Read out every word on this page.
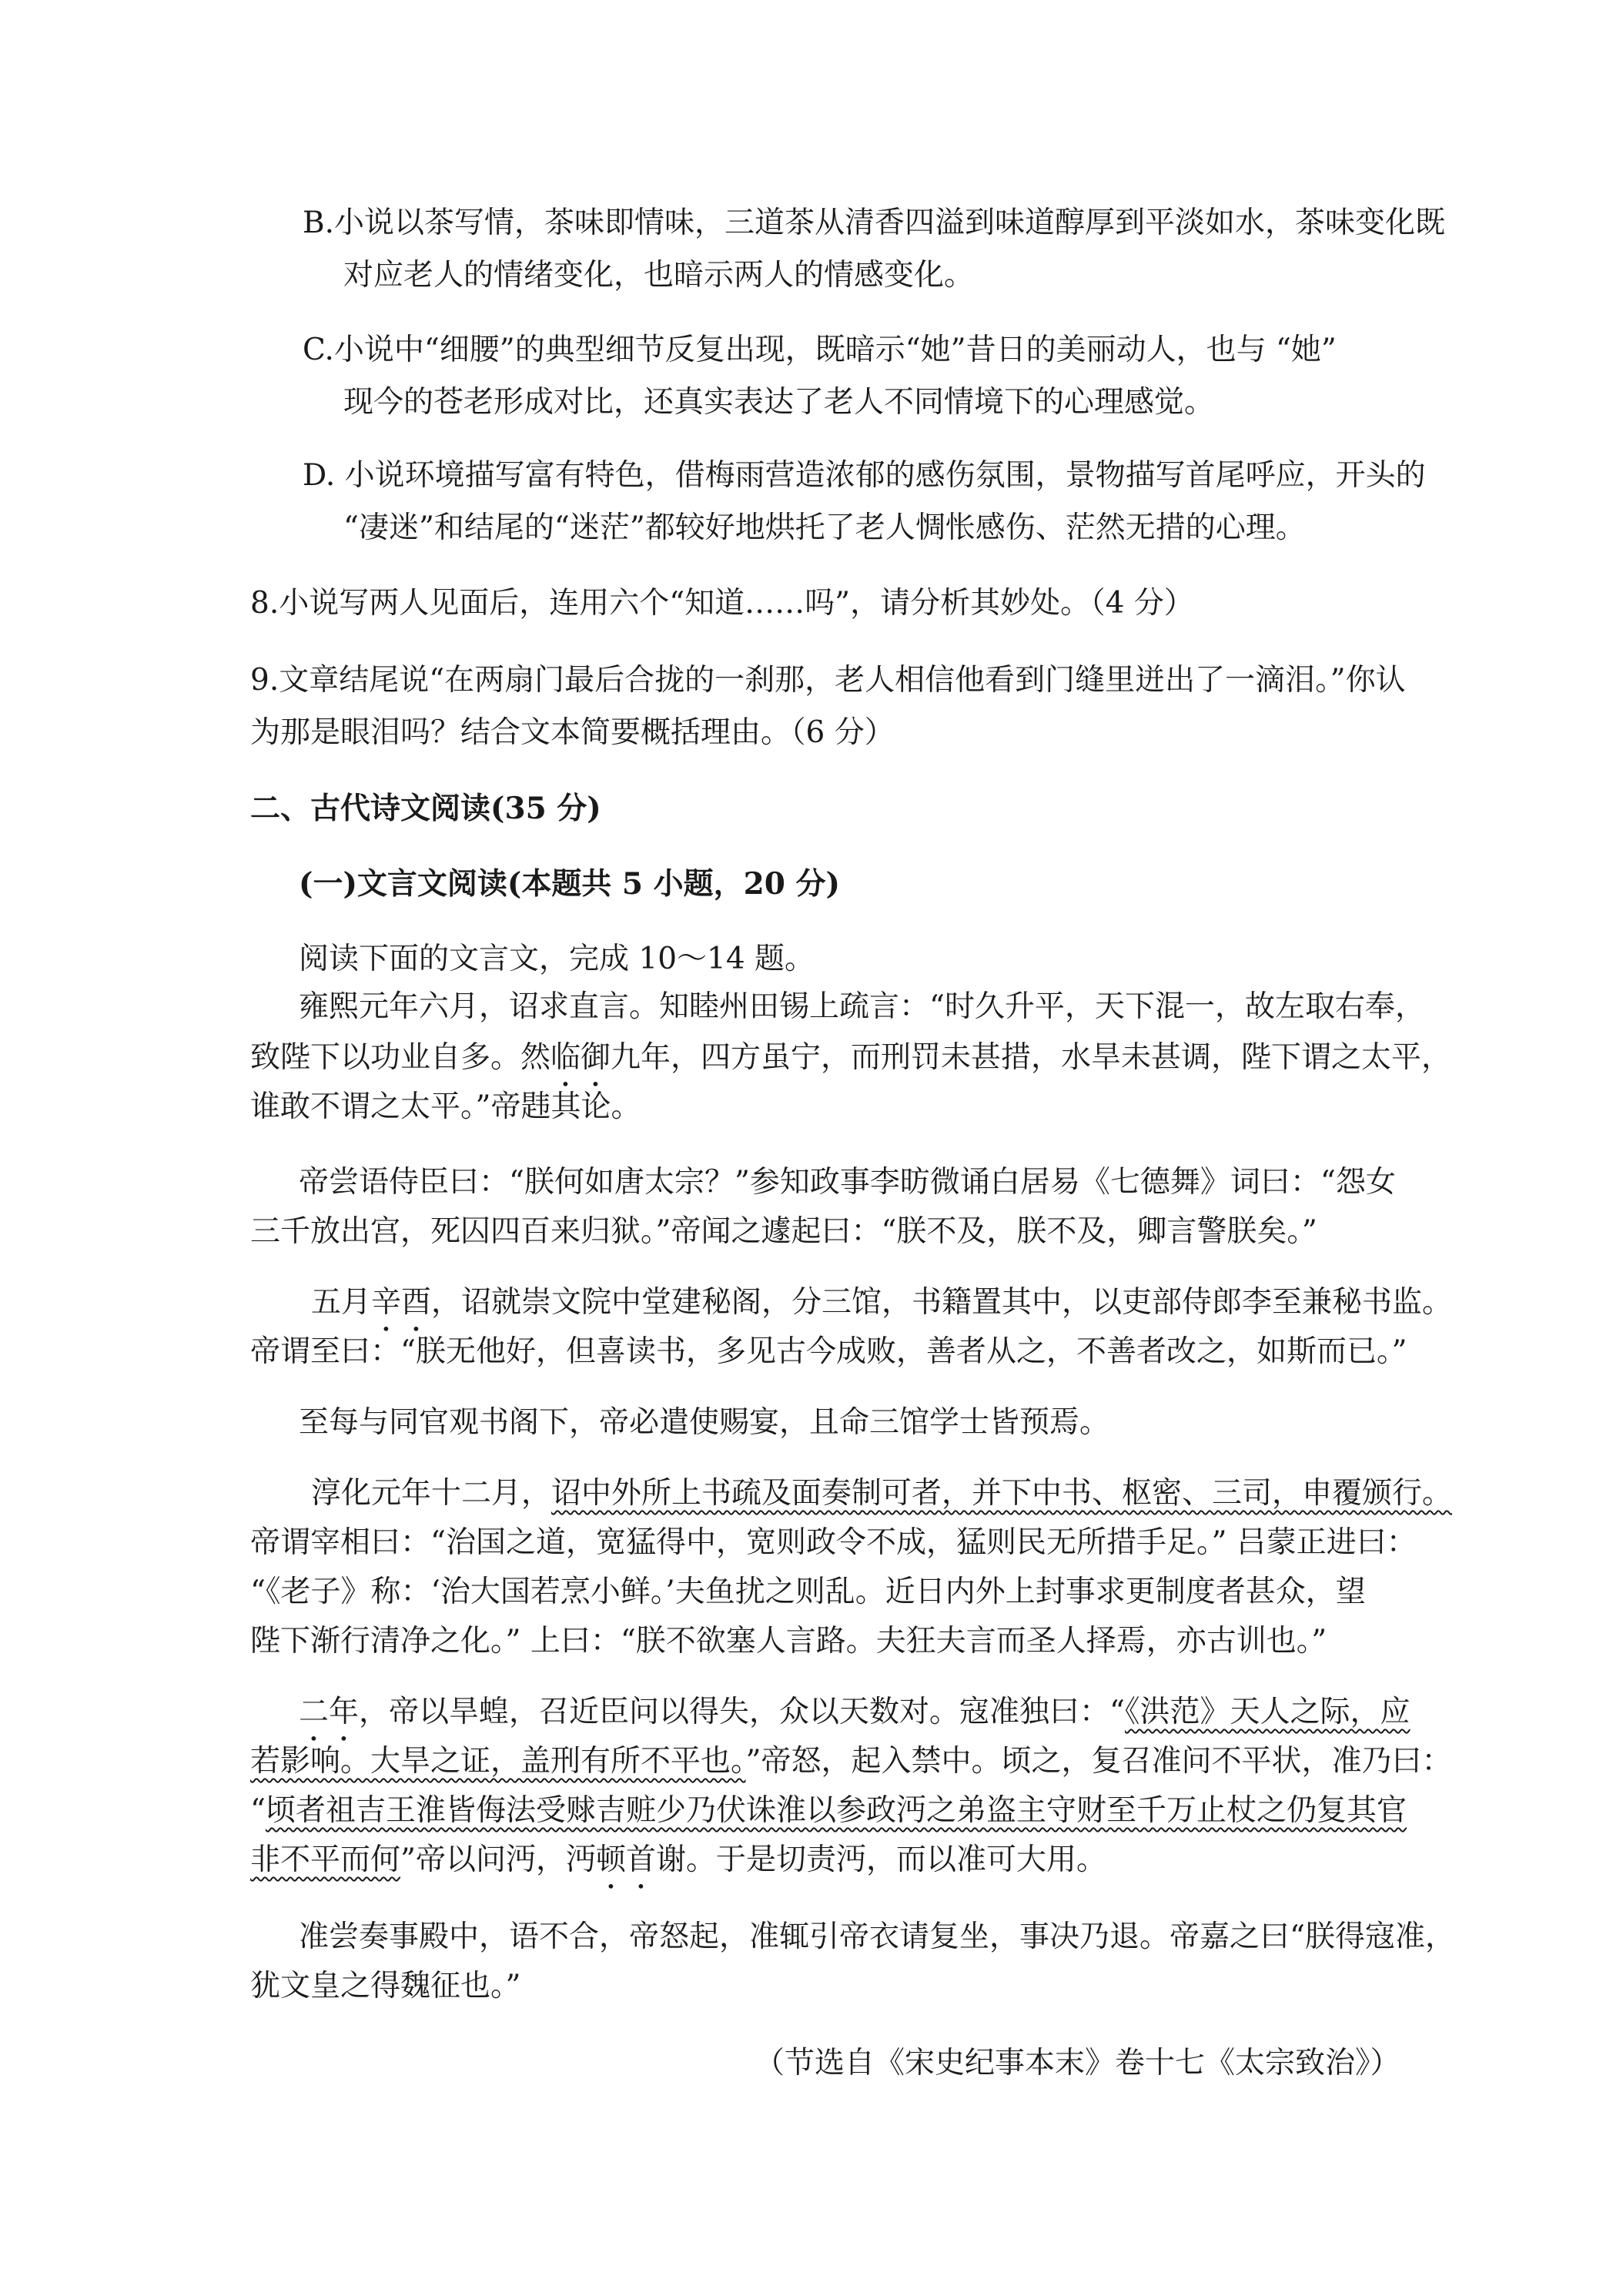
B.小说以茶写情，茶味即情味，三道茶从清香四溢到味道醇厚到平淡如水，茶味变化既

对应老人的情绪变化，也暗示两人的情感变化。

C.小说中“细腰”的典型细节反复出现，既暗示“她”昔日的美丽动人，也与 “她”

现今的苍老形成对比，还真实表达了老人不同情境下的心理感觉。

D. 小说环境描写富有特色，借梅雨营造浓郁的感伤氛围，景物描写首尾呼应，开头的

“凄迷”和结尾的“迷茫”都较好地烘托了老人惆怅感伤、茫然无措的心理。

8.小说写两人见面后，连用六个“知道……吗”，请分析其妙处。（4 分）

9.文章结尾说“在两扇门最后合拢的一刹那，老人相信他看到门缝里迸出了一滴泪。”你认

为那是眼泪吗？结合文本简要概括理由。（6 分）

二、古代诗文阅读(35 分)

(一)文言文阅读(本题共 5 小题，20 分)

阅读下面的文言文，完成 10～14 题。

雍熙元年六月，诏求直言。知睦州田锡上疏言：“时久升平，天下混一，故左取右奉，

致陛下以功业自多。然临御九年，四方虽宁，而刑罚未甚措，水旱未甚调，陛下谓之太平，

谁敢不谓之太平。”帝韪其论。

帝尝语侍臣曰：“朕何如唐太宗？”参知政事李昉微诵白居易《七德舞》词曰：“怨女

三千放出宫，死囚四百来归狱。”帝闻之遽起曰：“朕不及，朕不及，卿言警朕矣。”

五月辛酉，诏就崇文院中堂建秘阁，分三馆，书籍置其中，以吏部侍郎李至兼秘书监。

帝谓至曰：“朕无他好，但喜读书，多见古今成败，善者从之，不善者改之，如斯而已。”

至每与同官观书阁下，帝必遣使赐宴，且命三馆学士皆预焉。

淳化元年十二月，诏中外所上书疏及面奏制可者，并下中书、枢密、三司，申覆颁行。

帝谓宰相曰：“治国之道，宽猛得中，宽则政令不成，猛则民无所措手足。” 吕蒙正进曰：

“《老子》称：‘治大国若烹小鲜。’夫鱼扰之则乱。近日内外上封事求更制度者甚众，望

陛下渐行清净之化。” 上曰：“朕不欲塞人言路。夫狂夫言而圣人择焉，亦古训也。”

二年，帝以旱蝗，召近臣问以得失，众以天数对。寇准独曰：“《洪范》天人之际，应

若影响。大旱之证，盖刑有所不平也。”帝怒，起入禁中。顷之，复召准问不平状，准乃曰：

“顷者祖吉王淮皆侮法受赇吉赃少乃伏诛淮以参政沔之弟盗主守财至千万止杖之仍复其官

非不平而何”帝以问沔，沔顿首谢。于是切责沔，而以准可大用。

准尝奏事殿中，语不合，帝怒起，准辄引帝衣请复坐，事决乃退。帝嘉之曰“朕得寇准，

犹文皇之得魏征也。”

（节选自《宋史纪事本末》卷十七《太宗致治》）
